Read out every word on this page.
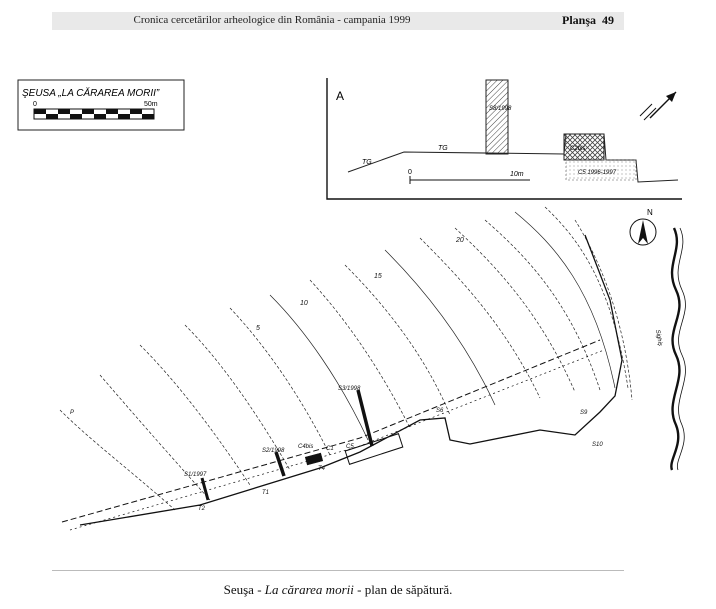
Cronica cercetărilor arheologice din România - campania 1999	Planşa 49
ŞEUSA „LA CĂRAREA MORII”
0	50m
A
S8/1998
TG
TG	C2bis
C5 1996-1997
0	10m
N
Sighiş
S1/1997
S2/1998
S3/1998
C1 C5
T1
T2
T4
C4bis
S6	S9
S10
P
5
10
15
20
Seuşa - La cărarea morii - plan de săpătură.
